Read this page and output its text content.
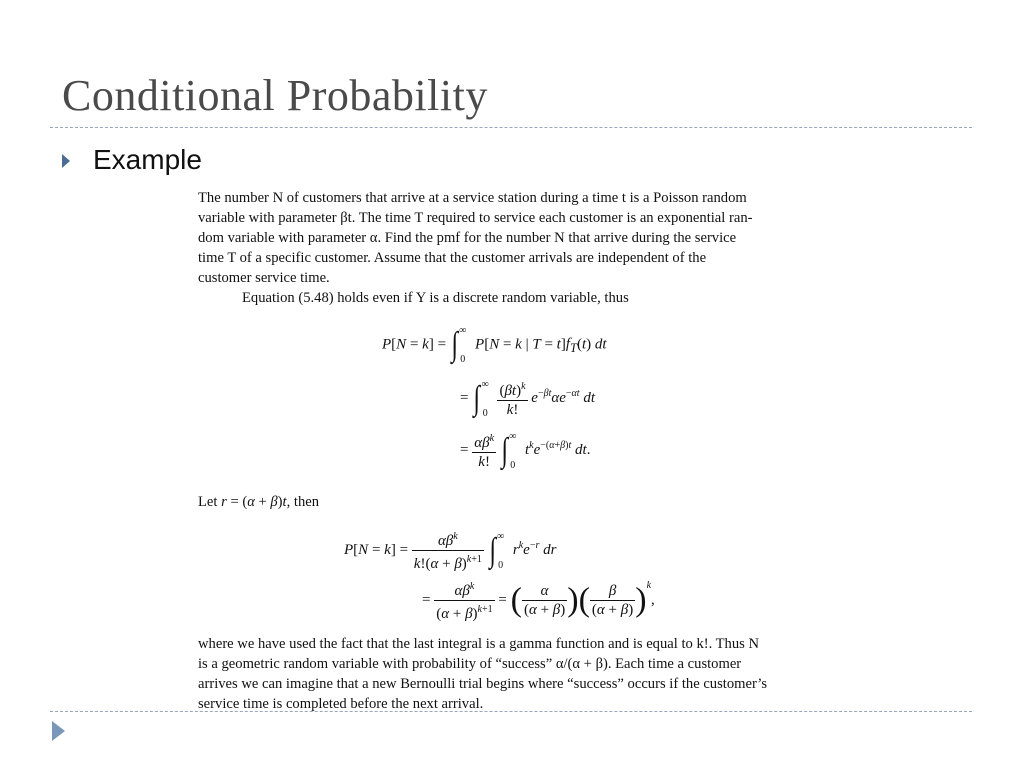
Conditional Probability
Example

The number N of customers that arrive at a service station during a time t is a Poisson random
variable with parameter βt. The time T required to service each customer is an exponential ran-
dom variable with parameter α. Find the pmf for the number N that arrive during the service
time T of a specific customer. Assume that the customer arrivals are independent of the
customer service time.
Equation (5.48) holds even if Y is a discrete random variable, thus

$P[N = k] = \int^\infty_0$ P[N = k | $T = t]f_T(t)$ dt
= $\int^\infty_0 \frac{(\beta t)^k}{k!} e^{-\beta t}\alpha e^{-\alpha t}$ dt
= $\frac{\alpha\beta^k}{k!} \int^\infty_0$ $t^ke^{-(\alpha+\beta)t}$ dt.
Let r = (α + β)t, then
$P[N = k] = \frac{\alpha\beta^k}{k!(\alpha + \beta)^{k+1}} \int^\infty_0$ $r^ke^{-r}$ dr
= $\frac{\alpha\beta^k}{(\alpha + \beta)^{k+1}}$ = ( $\frac{\alpha}{(\alpha + \beta)}$ )( $\frac{\beta}{(\alpha + \beta)} )^k$,

where we have used the fact that the last integral is a gamma function and is equal to k!. Thus N
is a geometric random variable with probability of “success” α/(α + β). Each time a customer
arrives we can imagine that a new Bernoulli trial begins where “success” occurs if the customer’s
service time is completed before the next arrival.
